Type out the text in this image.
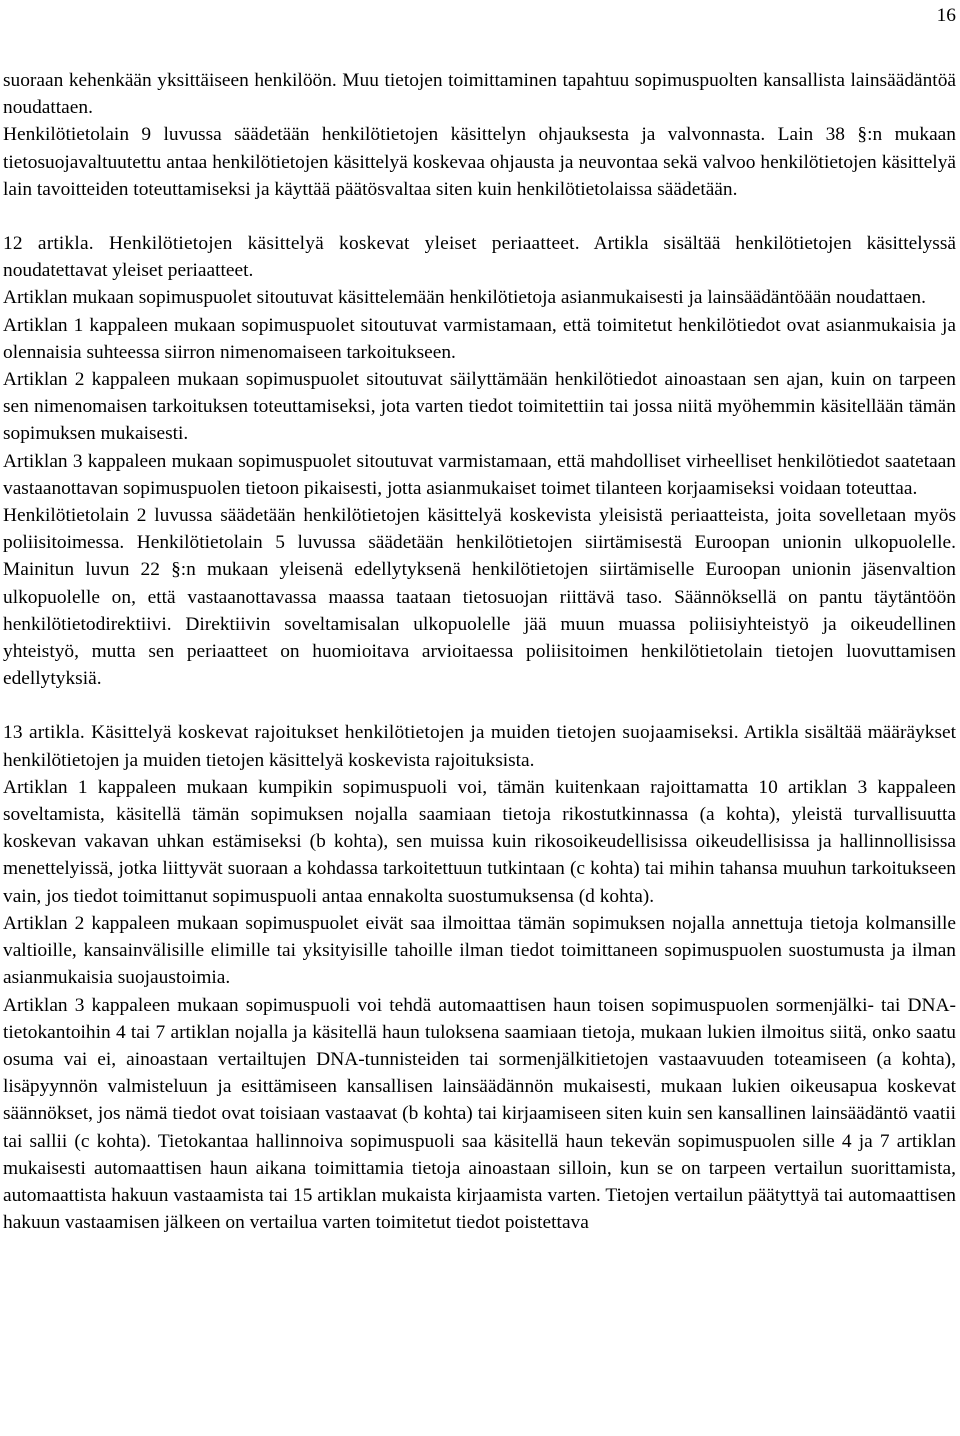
16

suoraan kehenkään yksittäiseen henkilöön. Muu tietojen toimittaminen tapahtuu sopimuspuolten kansallista lainsäädäntöä noudattaen.

Henkilötietolain 9 luvussa säädetään henkilötietojen käsittelyn ohjauksesta ja valvonnasta. Lain 38 §:n mukaan tietosuojavaltuutettu antaa henkilötietojen käsittelyä koskevaa ohjausta ja neuvontaa sekä valvoo henkilötietojen käsittelyä lain tavoitteiden toteuttamiseksi ja käyttää päätösvaltaa siten kuin henkilötietolaissa säädetään.

12 artikla. Henkilötietojen käsittelyä koskevat yleiset periaatteet. Artikla sisältää henkilötietojen käsittelyssä noudatettavat yleiset periaatteet.

Artiklan mukaan sopimuspuolet sitoutuvat käsittelemään henkilötietoja asianmukaisesti ja lainsäädäntöään noudattaen.

Artiklan 1 kappaleen mukaan sopimuspuolet sitoutuvat varmistamaan, että toimitetut henkilötiedot ovat asianmukaisia ja olennaisia suhteessa siirron nimenomaiseen tarkoitukseen.

Artiklan 2 kappaleen mukaan sopimuspuolet sitoutuvat säilyttämään henkilötiedot ainoastaan sen ajan, kuin on tarpeen sen nimenomaisen tarkoituksen toteuttamiseksi, jota varten tiedot toimitettiin tai jossa niitä myöhemmin käsitellään tämän sopimuksen mukaisesti.

Artiklan 3 kappaleen mukaan sopimuspuolet sitoutuvat varmistamaan, että mahdolliset virheelliset henkilötiedot saatetaan vastaanottavan sopimuspuolen tietoon pikaisesti, jotta asianmukaiset toimet tilanteen korjaamiseksi voidaan toteuttaa.

Henkilötietolain 2 luvussa säädetään henkilötietojen käsittelyä koskevista yleisistä periaatteista, joita sovelletaan myös poliisitoimessa. Henkilötietolain 5 luvussa säädetään henkilötietojen siirtämisestä Euroopan unionin ulkopuolelle. Mainitun luvun 22 §:n mukaan yleisenä edellytyksenä henkilötietojen siirtämiselle Euroopan unionin jäsenvaltion ulkopuolelle on, että vastaanottavassa maassa taataan tietosuojan riittävä taso. Säännöksellä on pantu täytäntöön henkilötietodirektiivi. Direktiivin soveltamisalan ulkopuolelle jää muun muassa poliisiyhteistyö ja oikeudellinen yhteistyö, mutta sen periaatteet on huomioitava arvioitaessa poliisitoimen henkilötietolain tietojen luovuttamisen edellytyksiä.

13 artikla. Käsittelyä koskevat rajoitukset henkilötietojen ja muiden tietojen suojaamiseksi. Artikla sisältää määräykset henkilötietojen ja muiden tietojen käsittelyä koskevista rajoituksista.

Artiklan 1 kappaleen mukaan kumpikin sopimuspuoli voi, tämän kuitenkaan rajoittamatta 10 artiklan 3 kappaleen soveltamista, käsitellä tämän sopimuksen nojalla saamiaan tietoja rikostutkinnassa (a kohta), yleistä turvallisuutta koskevan vakavan uhkan estämiseksi (b kohta), sen muissa kuin rikosoikeudellisissa oikeudellisissa ja hallinnollisissa menettelyissä, jotka liittyvät suoraan a kohdassa tarkoitettuun tutkintaan (c kohta) tai mihin tahansa muuhun tarkoitukseen vain, jos tiedot toimittanut sopimuspuoli antaa ennakolta suostumuksensa (d kohta).

Artiklan 2 kappaleen mukaan sopimuspuolet eivät saa ilmoittaa tämän sopimuksen nojalla annettuja tietoja kolmansille valtioille, kansainvälisille elimille tai yksityisille tahoille ilman tiedot toimittaneen sopimuspuolen suostumusta ja ilman asianmukaisia suojaustoimia.

Artiklan 3 kappaleen mukaan sopimuspuoli voi tehdä automaattisen haun toisen sopimuspuolen sormenjälki- tai DNA-tietokantoihin 4 tai 7 artiklan nojalla ja käsitellä haun tuloksena saamiaan tietoja, mukaan lukien ilmoitus siitä, onko saatu osuma vai ei, ainoastaan vertailtujen DNA-tunnisteiden tai sormenjälkitietojen vastaavuuden toteamiseen (a kohta), lisäpyynnön valmisteluun ja esittämiseen kansallisen lainsäädännön mukaisesti, mukaan lukien oikeusapua koskevat säännökset, jos nämä tiedot ovat toisiaan vastaavat (b kohta) tai kirjaamiseen siten kuin sen kansallinen lainsäädäntö vaatii tai sallii (c kohta). Tietokantaa hallinnoiva sopimuspuoli saa käsitellä haun tekevän sopimuspuolen sille 4 ja 7 artiklan mukaisesti automaattisen haun aikana toimittamia tietoja ainoastaan silloin, kun se on tarpeen vertailun suorittamista, automaattista hakuun vastaamista tai 15 artiklan mukaista kirjaamista varten. Tietojen vertailun päätyttyä tai automaattisen hakuun vastaamisen jälkeen on vertailua varten toimitetut tiedot poistettava
